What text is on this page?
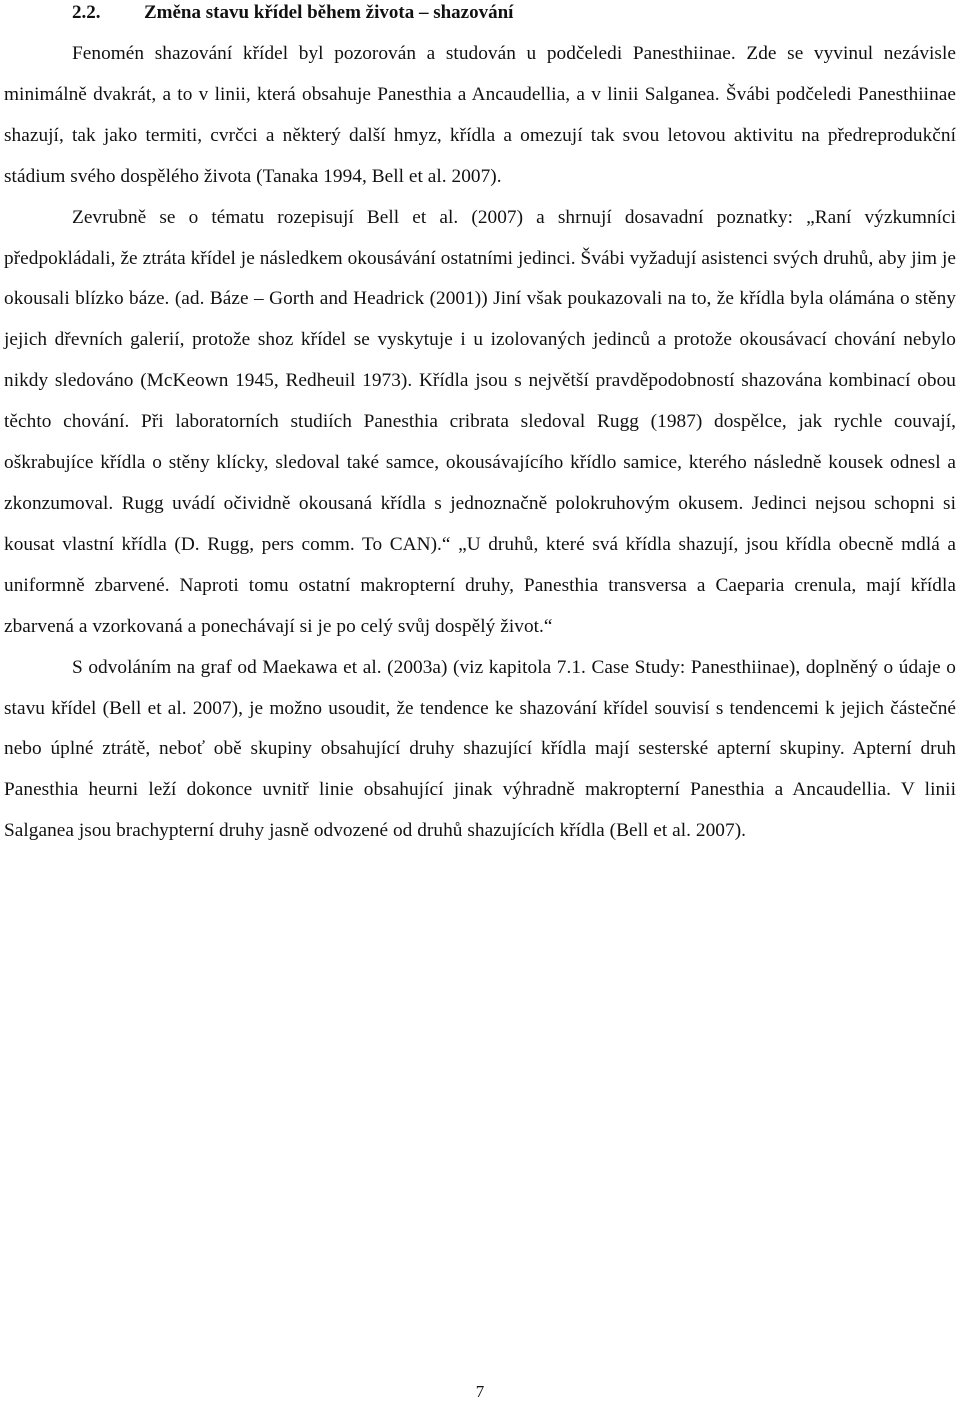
2.2. Změna stavu křídel během života – shazování

Fenomén shazování křídel byl pozorován a studován u podčeledi Panesthiinae. Zde se vyvinul nezávisle minimálně dvakrát, a to v linii, která obsahuje Panesthia a Ancaudellia, a v linii Salganea. Švábi podčeledi Panesthiinae shazují, tak jako termiti, cvrčci a některý další hmyz, křídla a omezují tak svou letovou aktivitu na předreprodukční stádium svého dospělého života (Tanaka 1994, Bell et al. 2007).

Zevrubně se o tématu rozepisují Bell et al. (2007) a shrnují dosavadní poznatky: „Raní výzkumníci předpokládali, že ztráta křídel je následkem okousávání ostatními jedinci. Švábi vyžadují asistenci svých druhů, aby jim je okousali blízko báze. (ad. Báze – Gorth and Headrick (2001)) Jiní však poukazovali na to, že křídla byla olámána o stěny jejich dřevních galerií, protože shoz křídel se vyskytuje i u izolovaných jedinců a protože okousávací chování nebylo nikdy sledováno (McKeown 1945, Redheuil 1973). Křídla jsou s největší pravděpodobností shazována kombinací obou těchto chování. Při laboratorních studiích Panesthia cribrata sledoval Rugg (1987) dospělce, jak rychle couvají, oškrabujíce křídla o stěny klícky, sledoval také samce, okousávajícího křídlo samice, kterého následně kousek odnesl a zkonzumoval. Rugg uvádí očividně okousaná křídla s jednoznačně polokruhovým okusem. Jedinci nejsou schopni si kousat vlastní křídla (D. Rugg, pers comm. To CAN).“ „U druhů, které svá křídla shazují, jsou křídla obecně mdlá a uniformně zbarvené. Naproti tomu ostatní makropterní druhy, Panesthia transversa a Caeparia crenula, mají křídla zbarvená a vzorkovaná a ponechávají si je po celý svůj dospělý život.“

S odvoláním na graf od Maekawa et al. (2003a) (viz kapitola 7.1. Case Study: Panesthiinae), doplněný o údaje o stavu křídel (Bell et al. 2007), je možno usoudit, že tendence ke shazování křídel souvisí s tendencemi k jejich částečné nebo úplné ztrátě, neboť obě skupiny obsahující druhy shazující křídla mají sesterské apterní skupiny. Apterní druh Panesthia heurni leží dokonce uvnitř linie obsahující jinak výhradně makropterní Panesthia a Ancaudellia. V linii Salganea jsou brachypterní druhy jasně odvozené od druhů shazujících křídla (Bell et al. 2007).

7
